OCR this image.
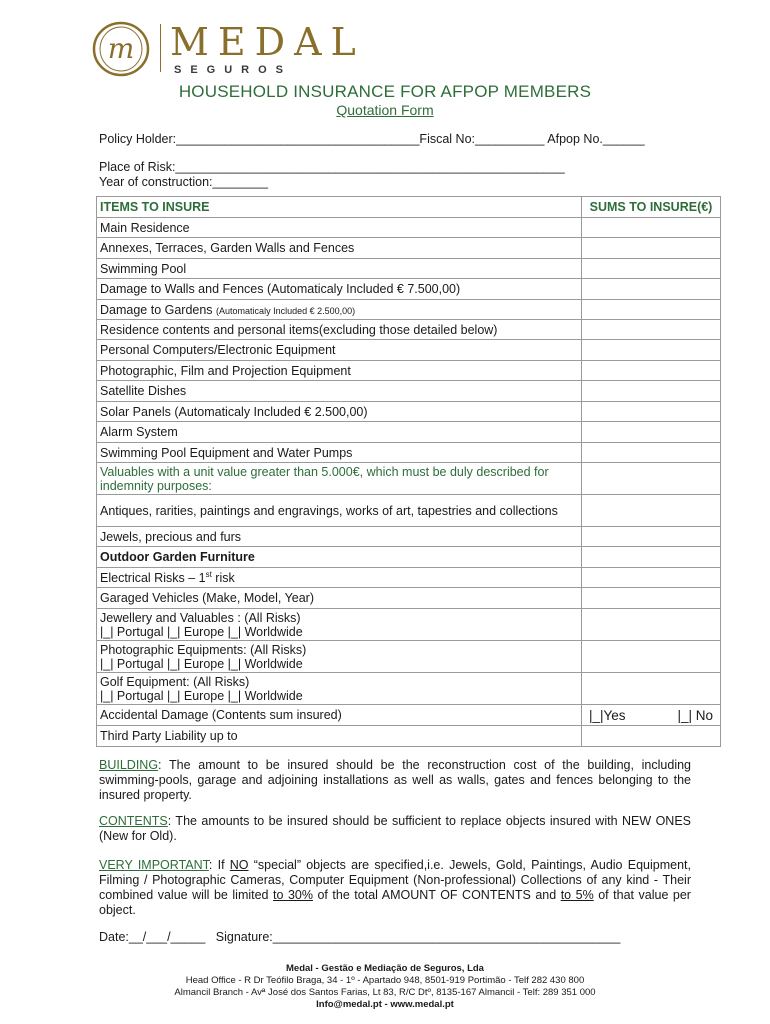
m MEDAL
SEGUROS
HOUSEHOLD INSURANCE FOR AFPOP MEMBERS
Quotation Form
Policy Holder:___________________________________Fiscal No:__________ Afpop No.______
Place of Risk:________________________________________________________
Year of construction:________
ITEMS TO INSURE	SUMS TO INSURE(€)
Main Residence	
Annexes, Terraces, Garden Walls and Fences	
Swimming Pool	
Damage to Walls and Fences (Automaticaly Included € 7.500,00)	
Damage to Gardens (Automaticaly Included € 2.500,00)	
Residence contents and personal items(excluding those detailed below)	
Personal Computers/Electronic Equipment	
Photographic, Film and Projection Equipment	
Satellite Dishes	
Solar Panels (Automaticaly Included € 2.500,00)	
Alarm System	
Swimming Pool Equipment and Water Pumps	
Valuables with a unit value greater than 5.000€, which must be duly described for indemnity purposes:	
Antiques, rarities, paintings and engravings, works of art, tapestries and collections	
Jewels, precious and furs	
Outdoor Garden Furniture	
Electrical Risks – 1st risk	
Garaged Vehicles (Make, Model, Year)	

Jewellery and Valuables : (All Risks)
|_| Portugal |_| Europe |_| Worldwide	

Photographic Equipments: (All Risks)
|_| Portugal |_| Europe |_| Worldwide	

Golf Equipment: (All Risks)
|_| Portugal |_| Europe |_| Worldwide	

Accidental Damage (Contents sum insured)	|_|Yes |_| No

Third Party Liability up to	
BUILDING: The amount to be insured should be the reconstruction cost of the building, including swimming-pools, garage and adjoining installations as well as walls, gates and fences belonging to the insured property.
CONTENTS: The amounts to be insured should be sufficient to replace objects insured with NEW ONES (New for Old).
VERY IMPORTANT: If NO “special” objects are specified,i.e. Jewels, Gold, Paintings, Audio Equipment, Filming / Photographic Cameras, Computer Equipment (Non-professional) Collections of any kind - Their combined value will be limited to 30% of the total AMOUNT OF CONTENTS and to 5% of that value per object.
Date:__/___/_____   Signature:__________________________________________________
Medal - Gestão e Mediação de Seguros, Lda
Head Office - R Dr Teófilo Braga, 34 - 1º - Apartado 948, 8501-919 Portimão - Telf 282 430 800
Almancil Branch - Avª José dos Santos Farias, Lt 83, R/C Dtº, 8135-167 Almancil - Telf: 289 351 000
Info@medal.pt - www.medal.pt
